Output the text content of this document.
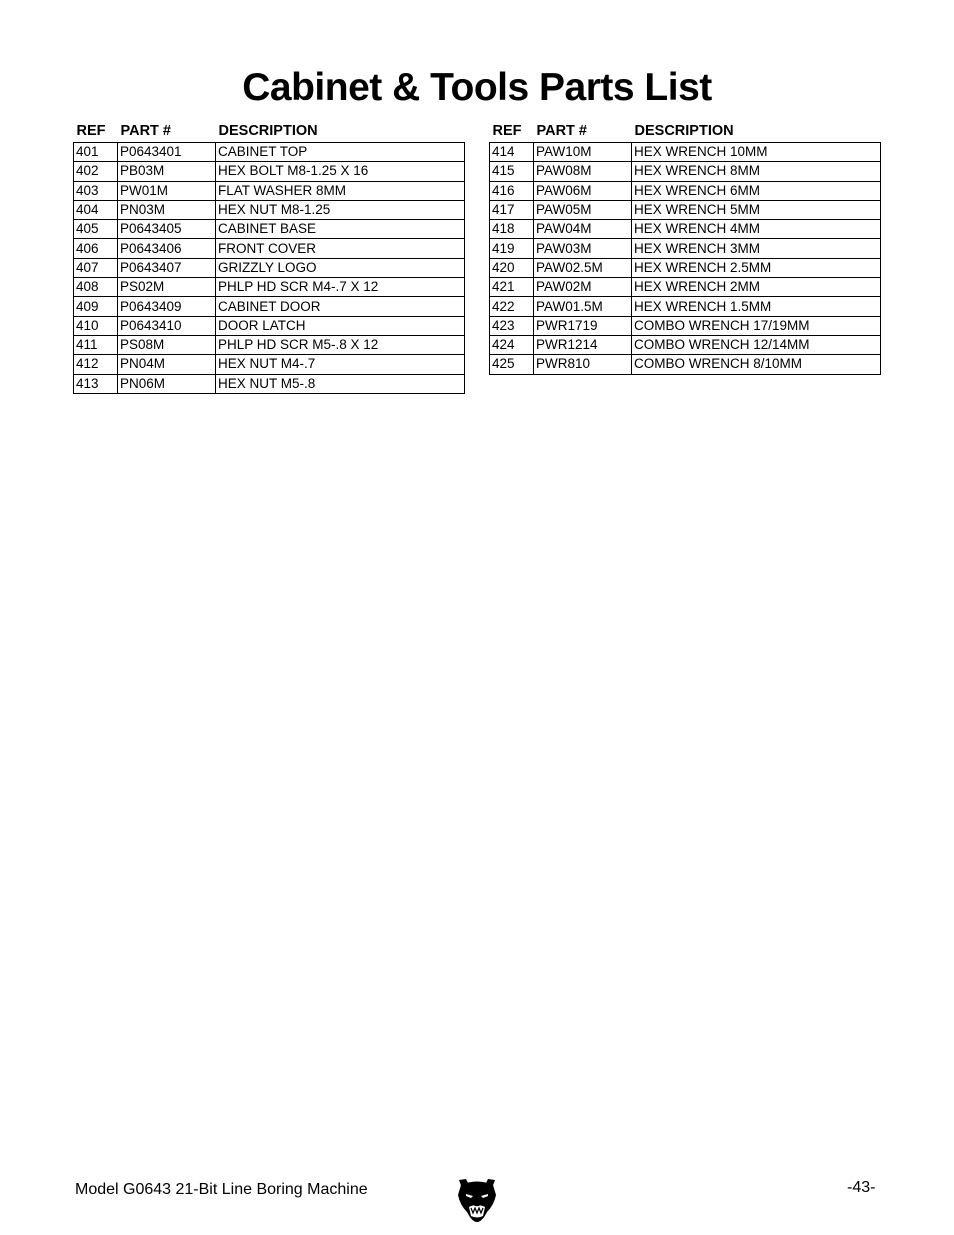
Cabinet & Tools Parts List
REF	PART #	DESCRIPTION
401	P0643401	CABINET TOP
402	PB03M	HEX BOLT M8-1.25 X 16
403	PW01M	FLAT WASHER 8MM
404	PN03M	HEX NUT M8-1.25
405	P0643405	CABINET BASE
406	P0643406	FRONT COVER
407	P0643407	GRIZZLY LOGO
408	PS02M	PHLP HD SCR M4-.7 X 12
409	P0643409	CABINET DOOR
410	P0643410	DOOR LATCH
411	PS08M	PHLP HD SCR M5-.8 X 12
412	PN04M	HEX NUT M4-.7
413	PN06M	HEX NUT M5-.8
REF	PART #	DESCRIPTION
414	PAW10M	HEX WRENCH 10MM
415	PAW08M	HEX WRENCH 8MM
416	PAW06M	HEX WRENCH 6MM
417	PAW05M	HEX WRENCH 5MM
418	PAW04M	HEX WRENCH 4MM
419	PAW03M	HEX WRENCH 3MM
420	PAW02.5M	HEX WRENCH 2.5MM
421	PAW02M	HEX WRENCH 2MM
422	PAW01.5M	HEX WRENCH 1.5MM
423	PWR1719	COMBO WRENCH 17/19MM
424	PWR1214	COMBO WRENCH 12/14MM
425	PWR810	COMBO WRENCH 8/10MM
Model G0643 21-Bit Line Boring Machine	-43-
